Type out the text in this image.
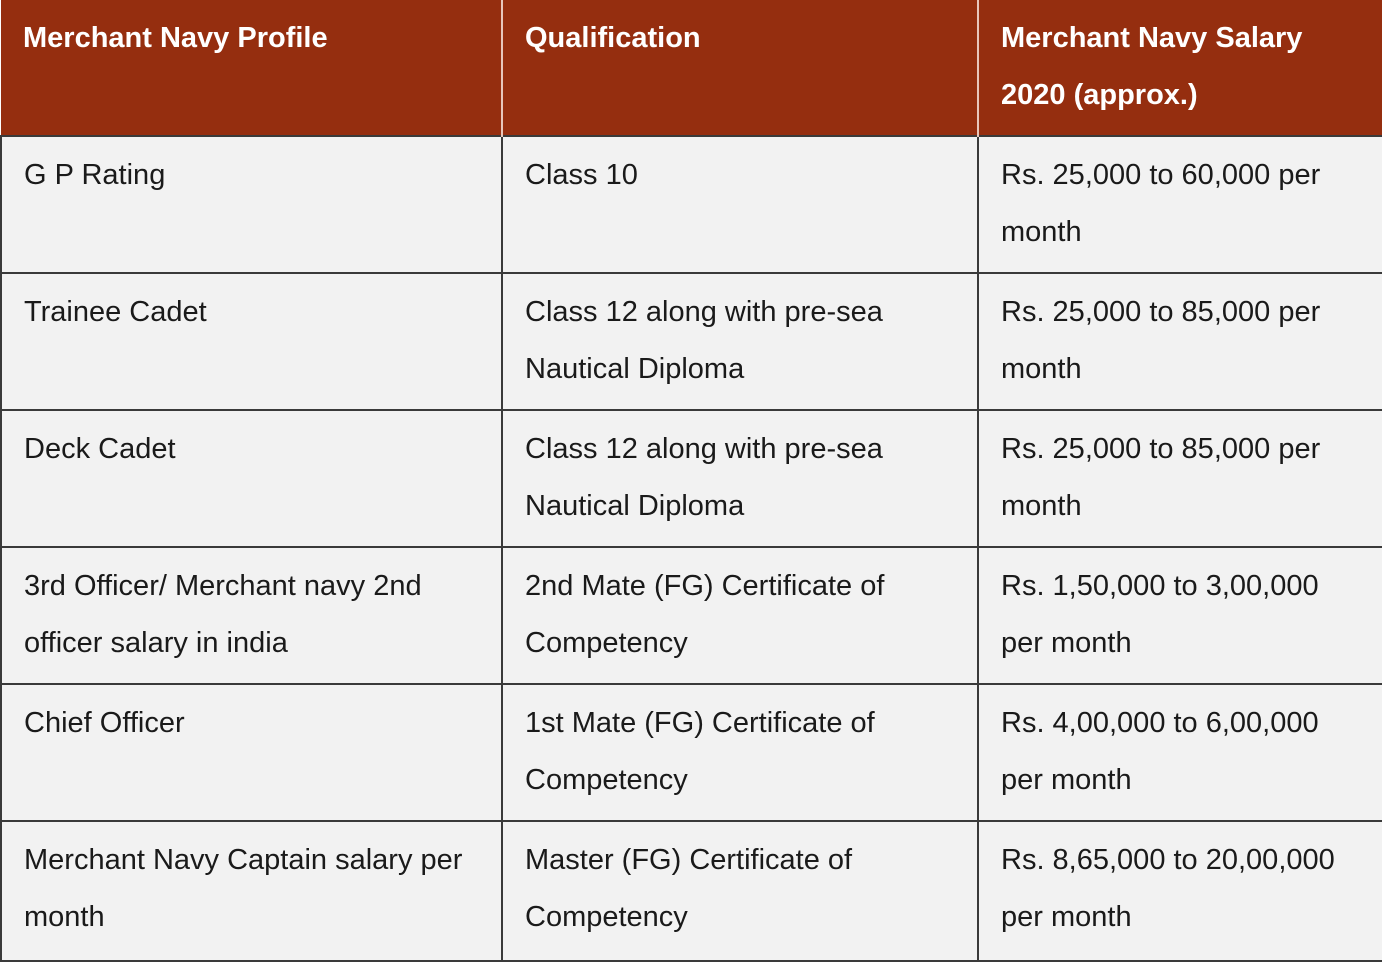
Merchant Navy Profile	Qualification	Merchant Navy Salary 2020 (approx.)
G P Rating	Class 10	Rs. 25,000 to 60,000 per month
Trainee Cadet	Class 12 along with pre-sea Nautical Diploma	Rs. 25,000 to 85,000 per month
Deck Cadet	Class 12 along with pre-sea Nautical Diploma	Rs. 25,000 to 85,000 per month
3rd Officer/ Merchant navy 2nd officer salary in india	2nd Mate (FG) Certificate of Competency	Rs. 1,50,000 to 3,00,000 per month
Chief Officer	1st Mate (FG) Certificate of Competency	Rs. 4,00,000 to 6,00,000 per month
Merchant Navy Captain salary per month	Master (FG) Certificate of Competency	Rs. 8,65,000 to 20,00,000 per month
